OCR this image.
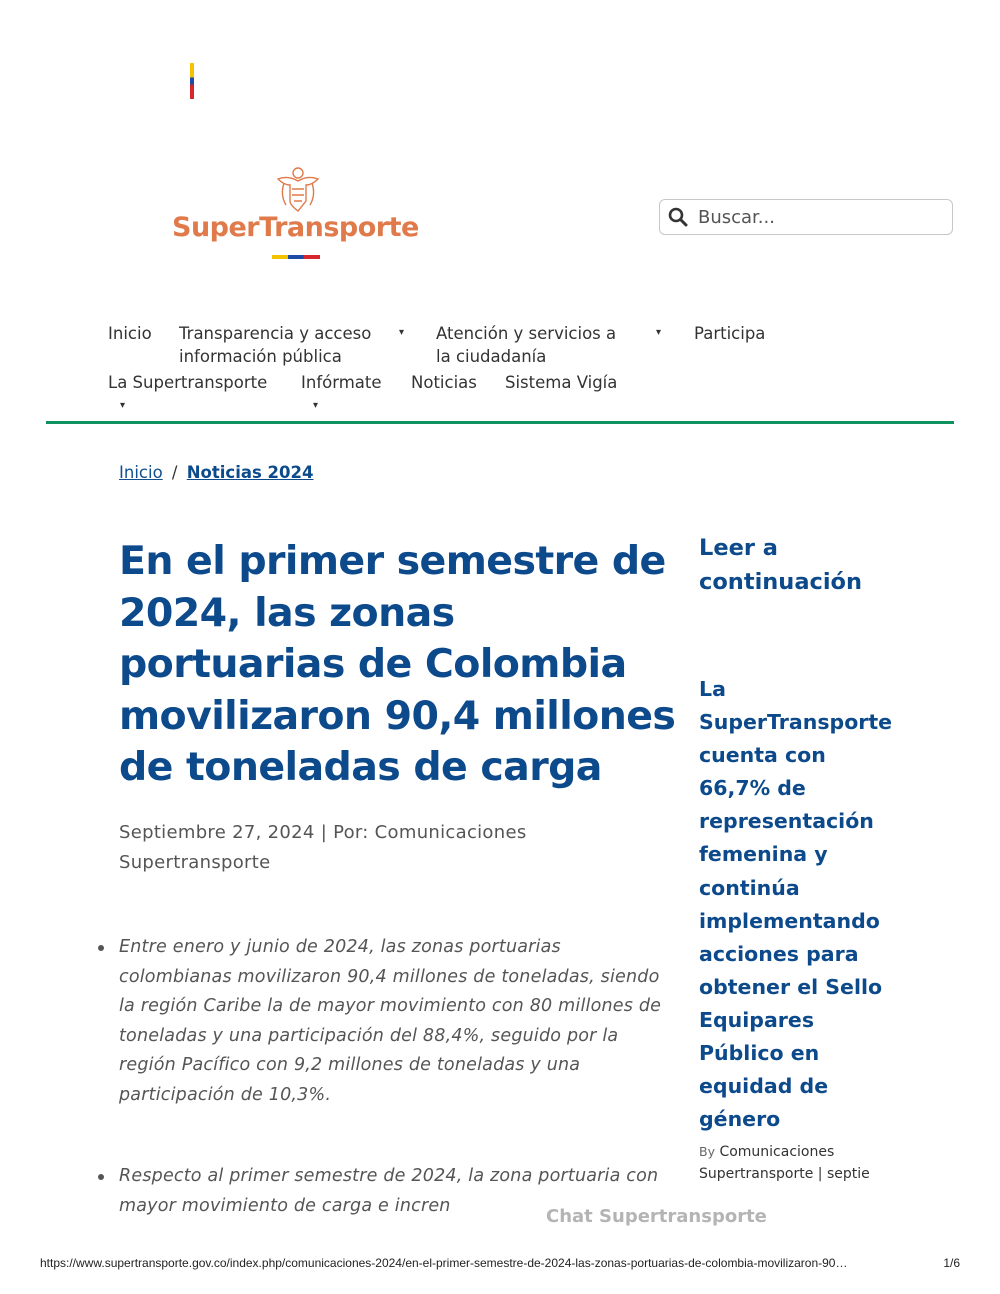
SuperTransporte
Buscar...
Inicio Transparencia y acceso
información pública
▾ Atención y servicios a
la ciudadanía
▾ Participa
La Supertransporte
▾
Infórmate
▾
Noticias Sistema Vigía
Inicio / Noticias 2024
En el primer semestre de 2024, las zonas portuarias de Colombia movilizaron 90,4 millones de toneladas de carga
Septiembre 27, 2024 | Por: Comunicaciones Supertransporte
Entre enero y junio de 2024, las zonas portuarias colombianas movilizaron 90,4 millones de toneladas, siendo la región Caribe la de mayor movimiento con 80 millones de toneladas y una participación del 88,4%, seguido por la región Pacífico con 9,2 millones de toneladas y una participación de 10,3%.
Respecto al primer semestre de 2024, la zona portuaria con mayor movimiento de carga e incren
Leer a continuación
La SuperTransporte cuenta con 66,7% de representación femenina y continúa implementando acciones para obtener el Sello Equipares Público en equidad de género
By Comunicaciones
Supertransporte | septie
Chat Supertransporte
https://www.supertransporte.gov.co/index.php/comunicaciones-2024/en-el-primer-semestre-de-2024-las-zonas-portuarias-de-colombia-movilizaron-90…	1/6
